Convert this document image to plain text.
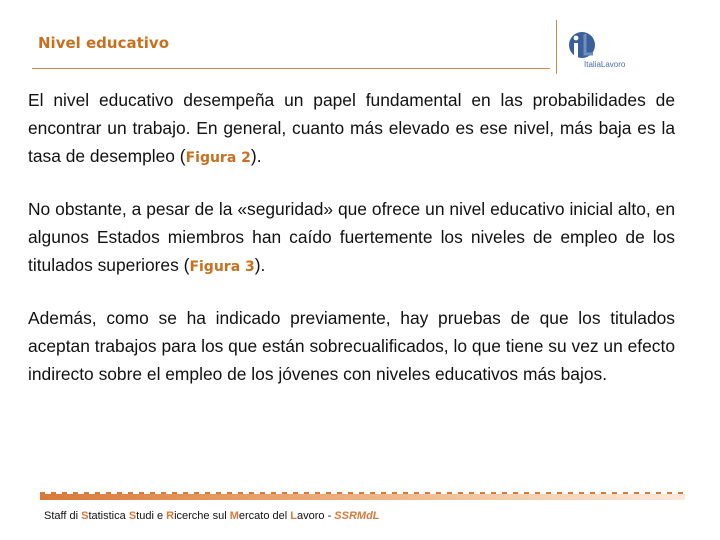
Nivel educativo
ItaliaLavoro

El nivel educativo desempeña un papel fundamental en las probabilidades de encontrar un trabajo. En general, cuanto más elevado es ese nivel, más baja es la tasa de desempleo (Figura 2).

No obstante, a pesar de la «seguridad» que ofrece un nivel educativo inicial alto, en algunos Estados miembros han caído fuertemente los niveles de empleo de los titulados superiores (Figura 3).

Además, como se ha indicado previamente, hay pruebas de que los titulados aceptan trabajos para los que están sobrecualificados, lo que tiene su vez un efecto indirecto sobre el empleo de los jóvenes con niveles educativos más bajos.

Staff di Statistica Studi e Ricerche sul Mercato del Lavoro - SSRMdL
